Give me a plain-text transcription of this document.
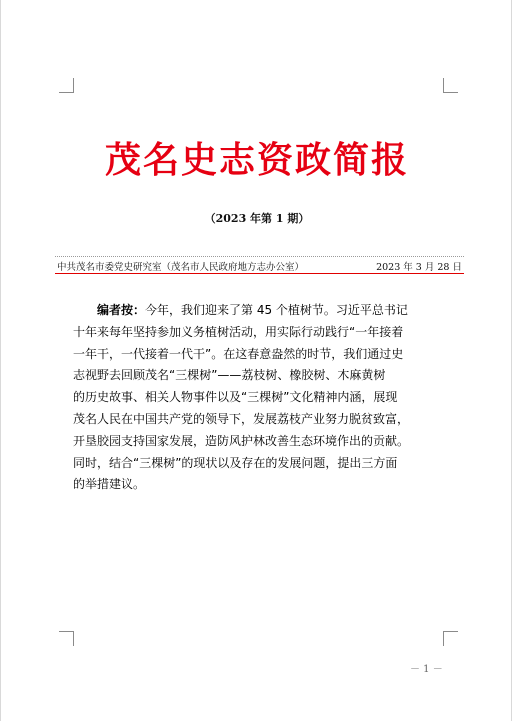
茂名史志资政简报
（2023 年第 1 期）
中共茂名市委党史研究室（茂名市人民政府地方志办公室）	2023 年 3 月 28 日
编者按：今年，我们迎来了第 45 个植树节。习近平总书记
十年来每年坚持参加义务植树活动，用实际行动践行“一年接着
一年干，一代接着一代干”。在这春意盎然的时节，我们通过史
志视野去回顾茂名“三棵树”——荔枝树、橡胶树、木麻黄树
的历史故事、相关人物事件以及“三棵树”文化精神内涵，展现
茂名人民在中国共产党的领导下，发展荔枝产业努力脱贫致富，
开垦胶园支持国家发展，造防风护林改善生态环境作出的贡献。
同时，结合“三棵树”的现状以及存在的发展问题，提出三方面
的举措建议。
－ 1 －
